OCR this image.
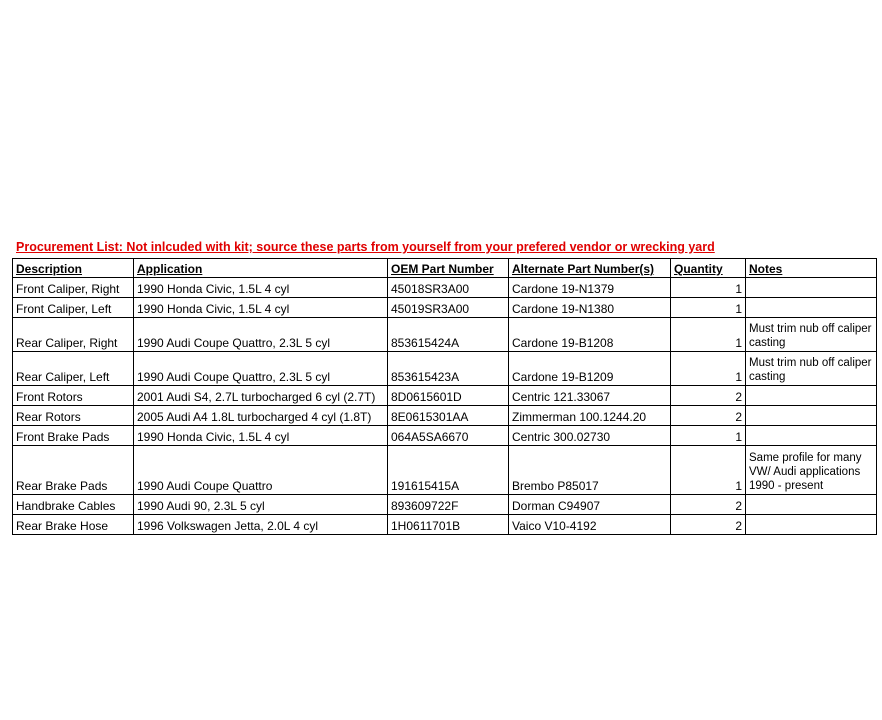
Procurement List: Not inlcuded with kit; source these parts from yourself from your prefered vendor or wrecking yard
Description	Application	OEM Part Number	Alternate Part Number(s)	Quantity	Notes
Front Caliper, Right	1990 Honda Civic, 1.5L 4 cyl	45018SR3A00	Cardone 19-N1379	1	
Front Caliper, Left	1990 Honda Civic, 1.5L 4 cyl	45019SR3A00	Cardone 19-N1380	1	
Rear Caliper, Right	1990 Audi Coupe Quattro, 2.3L 5 cyl	853615424A	Cardone 19-B1208	1	Must trim nub off caliper casting
Rear Caliper, Left	1990 Audi Coupe Quattro, 2.3L 5 cyl	853615423A	Cardone 19-B1209	1	Must trim nub off caliper casting
Front Rotors	2001 Audi S4, 2.7L turbocharged 6 cyl (2.7T)	8D0615601D	Centric 121.33067	2	
Rear Rotors	2005 Audi A4 1.8L turbocharged 4 cyl (1.8T)	8E0615301AA	Zimmerman 100.1244.20	2	
Front Brake Pads	1990 Honda Civic, 1.5L 4 cyl	064A5SA6670	Centric 300.02730	1	
Rear Brake Pads	1990 Audi Coupe Quattro	191615415A	Brembo P85017	1	Same profile for many VW/ Audi applications 1990 - present
Handbrake Cables	1990 Audi 90, 2.3L 5 cyl	893609722F	Dorman C94907	2	
Rear Brake Hose	1996 Volkswagen Jetta, 2.0L 4 cyl	1H0611701B	Vaico V10-4192	2	
